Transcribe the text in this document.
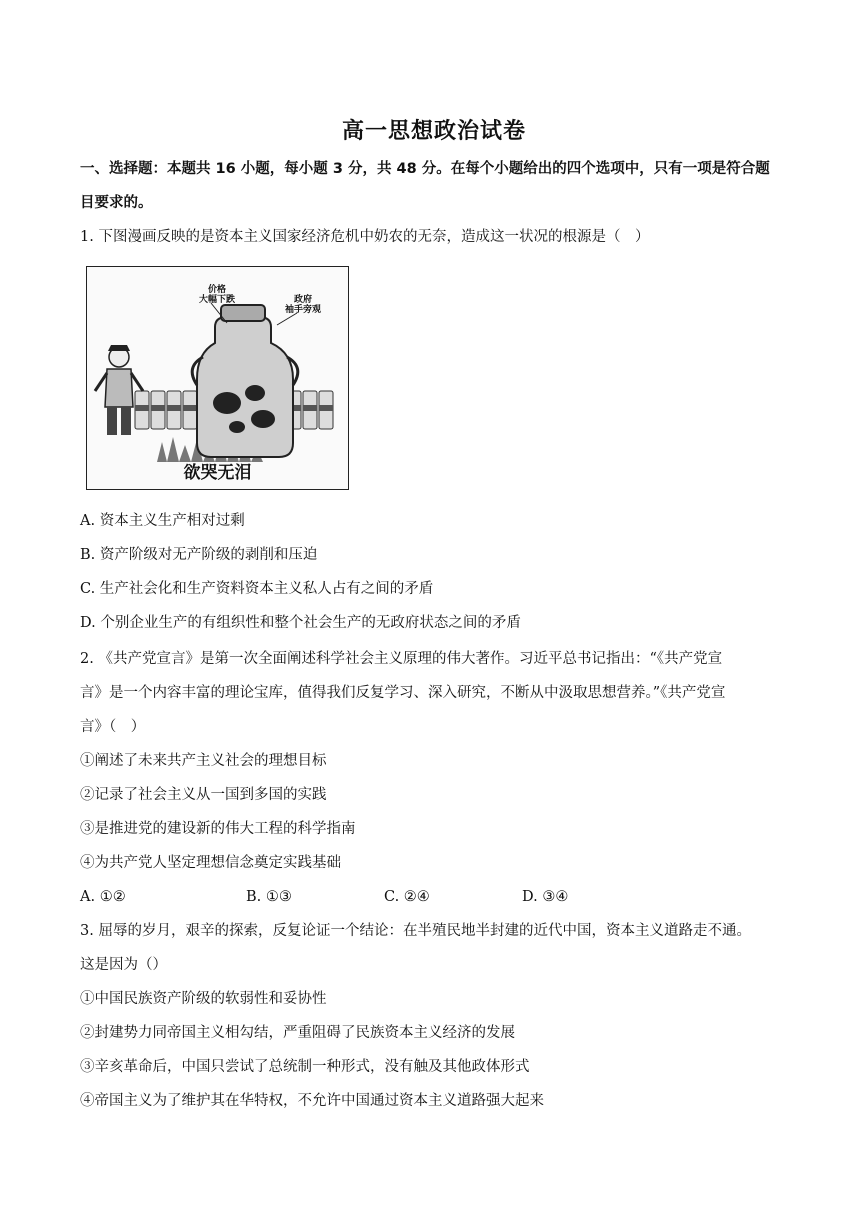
高一思想政治试卷
一、选择题：本题共 16 小题，每小题 3 分，共 48 分。在每个小题给出的四个选项中，只有一项是符合题
目要求的。
1. 下图漫画反映的是资本主义国家经济危机中奶农的无奈，造成这一状况的根源是（　）
价格
大幅下跌	政府
袖手旁观
欲哭无泪
A. 资本主义生产相对过剩
B. 资产阶级对无产阶级的剥削和压迫
C. 生产社会化和生产资料资本主义私人占有之间的矛盾
D. 个别企业生产的有组织性和整个社会生产的无政府状态之间的矛盾
2. 《共产党宣言》是第一次全面阐述科学社会主义原理的伟大著作。习近平总书记指出：“《共产党宣
言》是一个内容丰富的理论宝库，值得我们反复学习、深入研究，不断从中汲取思想营养。”《共产党宣
言》（　）
①阐述了未来共产主义社会的理想目标
②记录了社会主义从一国到多国的实践
③是推进党的建设新的伟大工程的科学指南
④为共产党人坚定理想信念奠定实践基础
A. ①②	B. ①③	C. ②④	D. ③④
3. 屈辱的岁月，艰辛的探索，反复论证一个结论：在半殖民地半封建的近代中国，资本主义道路走不通。
这是因为（）
①中国民族资产阶级的软弱性和妥协性
②封建势力同帝国主义相勾结，严重阻碍了民族资本主义经济的发展
③辛亥革命后，中国只尝试了总统制一种形式，没有触及其他政体形式
④帝国主义为了维护其在华特权，不允许中国通过资本主义道路强大起来
